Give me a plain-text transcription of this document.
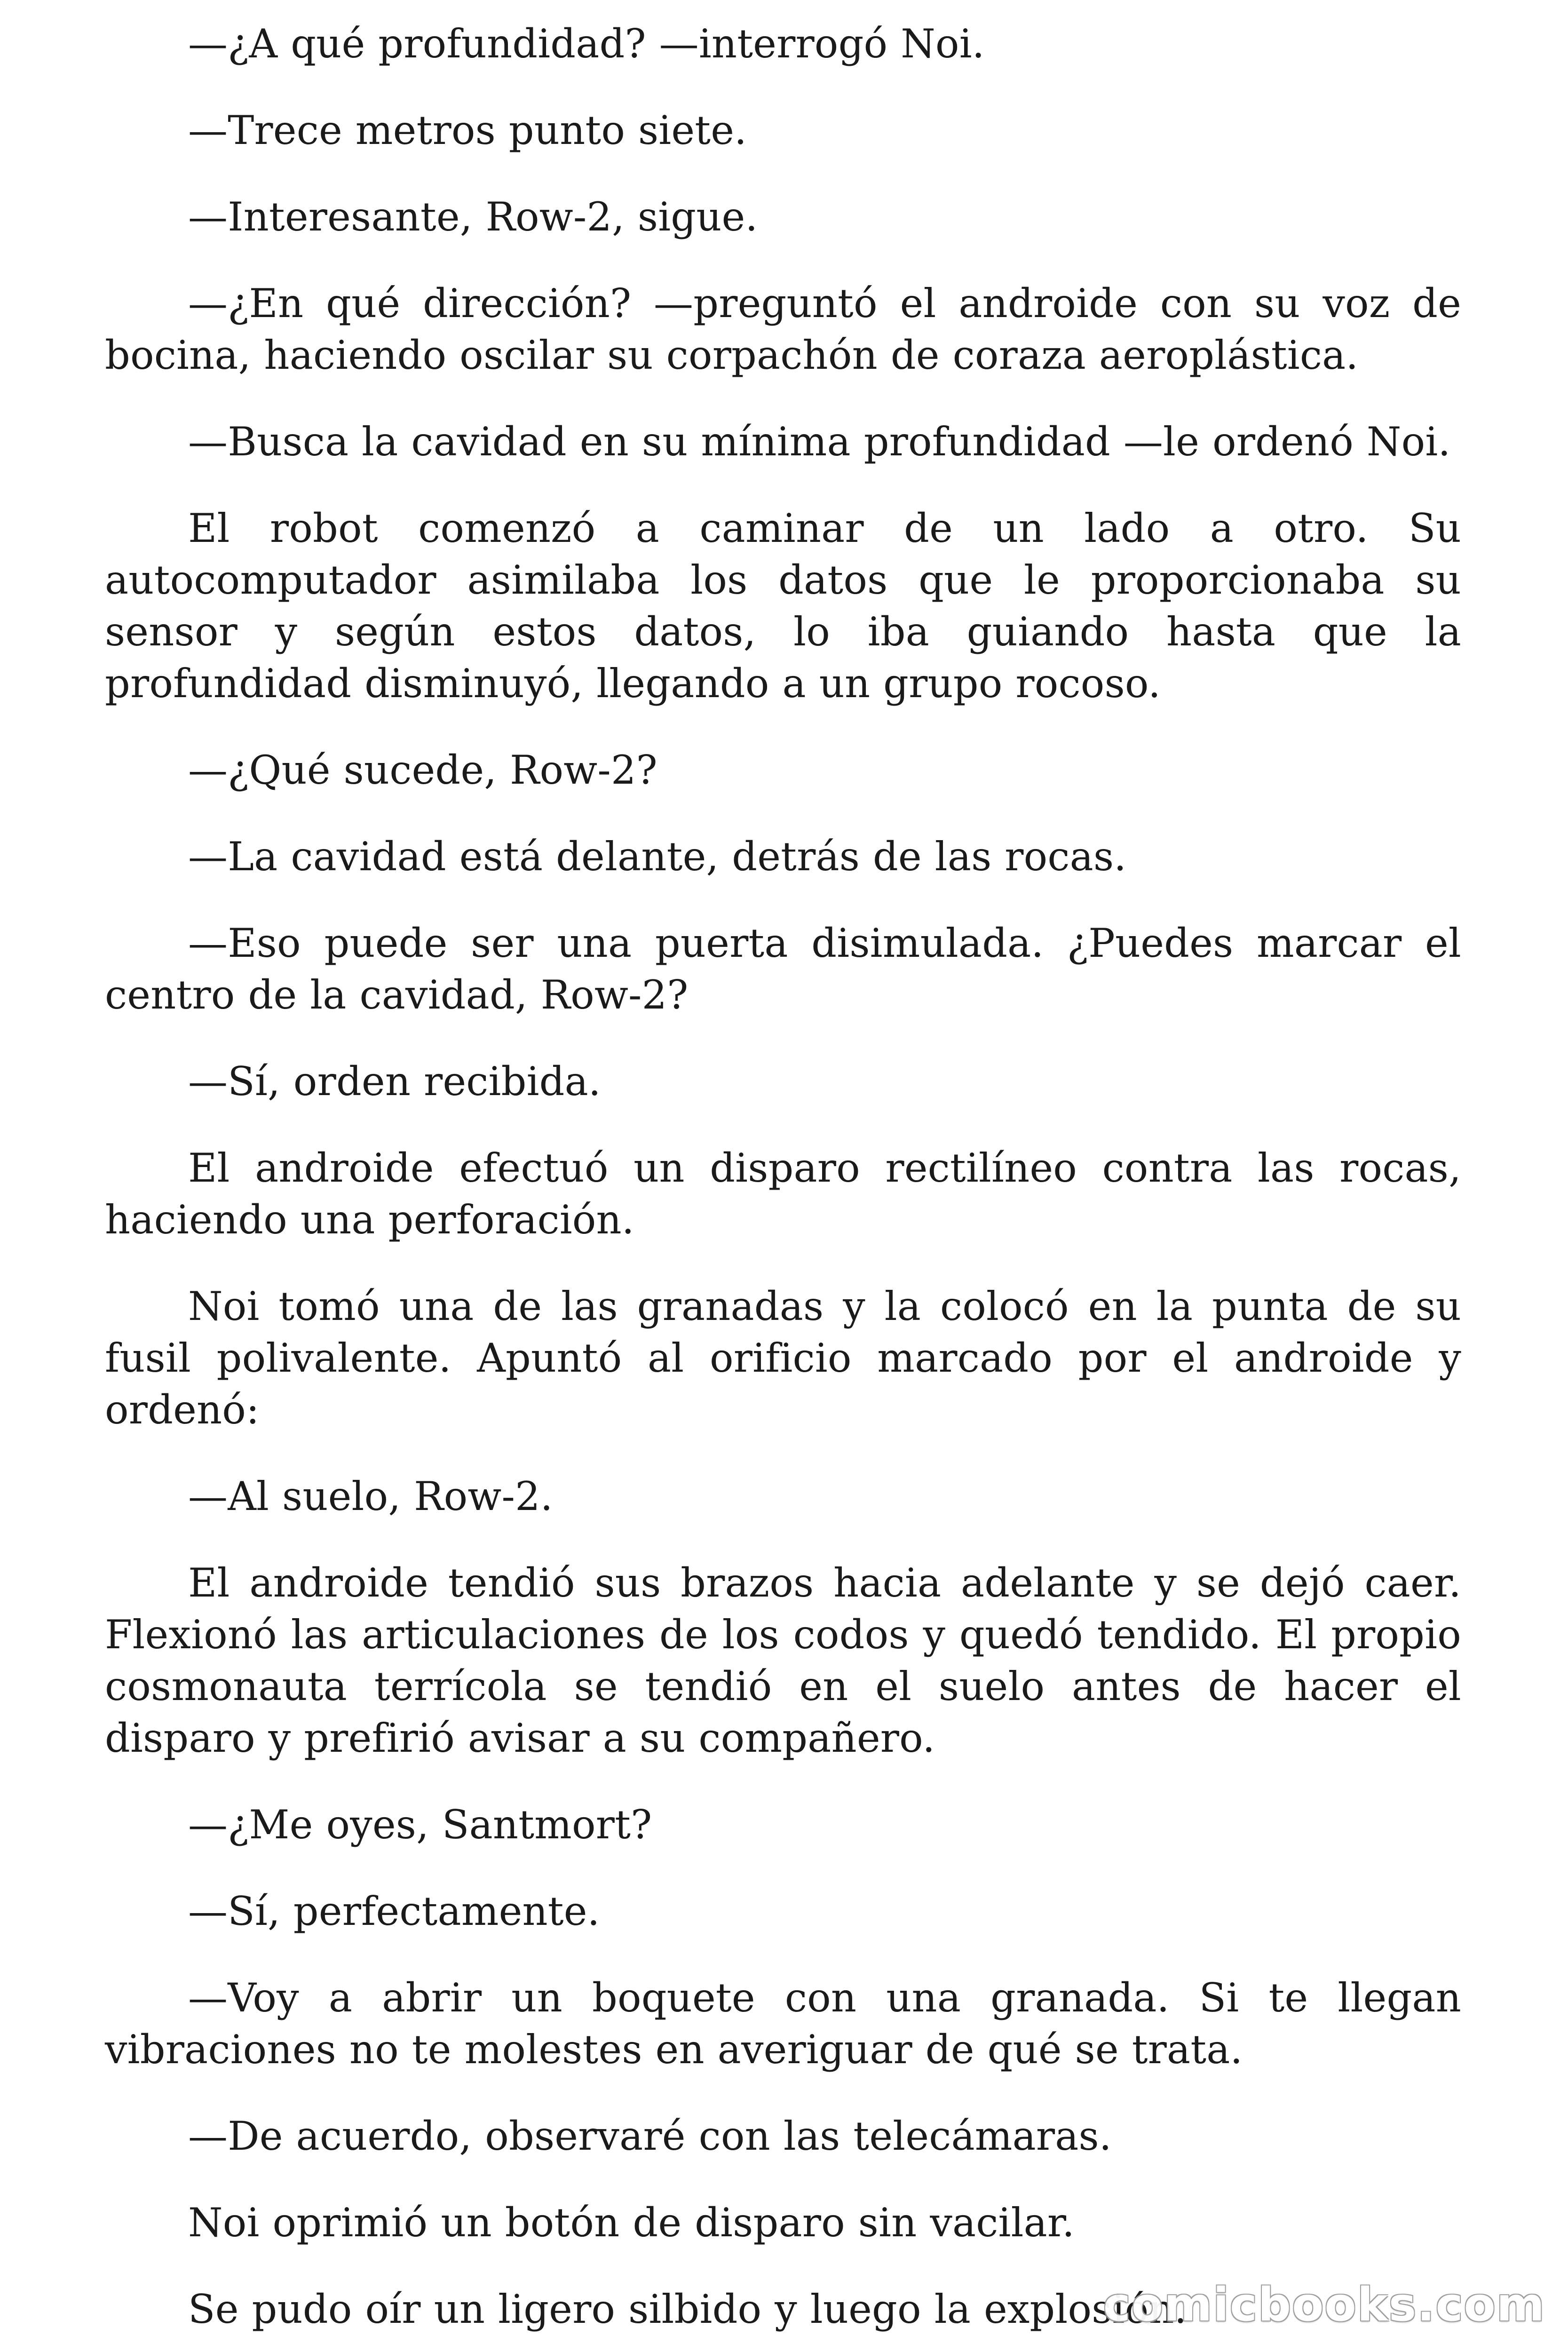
—¿A qué profundidad? —interrogó Noi.

—Trece metros punto siete.

—Interesante, Row-2, sigue.

—¿En qué dirección? —preguntó el androide con su voz de bocina, haciendo oscilar su corpachón de coraza aeroplástica.

—Busca la cavidad en su mínima profundidad —le ordenó Noi.

El robot comenzó a caminar de un lado a otro. Su autocomputador asimilaba los datos que le proporcionaba su sensor y según estos datos, lo iba guiando hasta que la profundidad disminuyó, llegando a un grupo rocoso.

—¿Qué sucede, Row-2?

—La cavidad está delante, detrás de las rocas.

—Eso puede ser una puerta disimulada. ¿Puedes marcar el centro de la cavidad, Row-2?

—Sí, orden recibida.

El androide efectuó un disparo rectilíneo contra las rocas, haciendo una perforación.

Noi tomó una de las granadas y la colocó en la punta de su fusil polivalente. Apuntó al orificio marcado por el androide y ordenó:

—Al suelo, Row-2.

El androide tendió sus brazos hacia adelante y se dejó caer. Flexionó las articulaciones de los codos y quedó tendido. El propio cosmonauta terrícola se tendió en el suelo antes de hacer el disparo y prefirió avisar a su compañero.

—¿Me oyes, Santmort?

—Sí, perfectamente.

—Voy a abrir un boquete con una granada. Si te llegan vibraciones no te molestes en averiguar de qué se trata.

—De acuerdo, observaré con las telecámaras.

Noi oprimió un botón de disparo sin vacilar.

Se pudo oír un ligero silbido y luego la explosión.

comicbooks.com
